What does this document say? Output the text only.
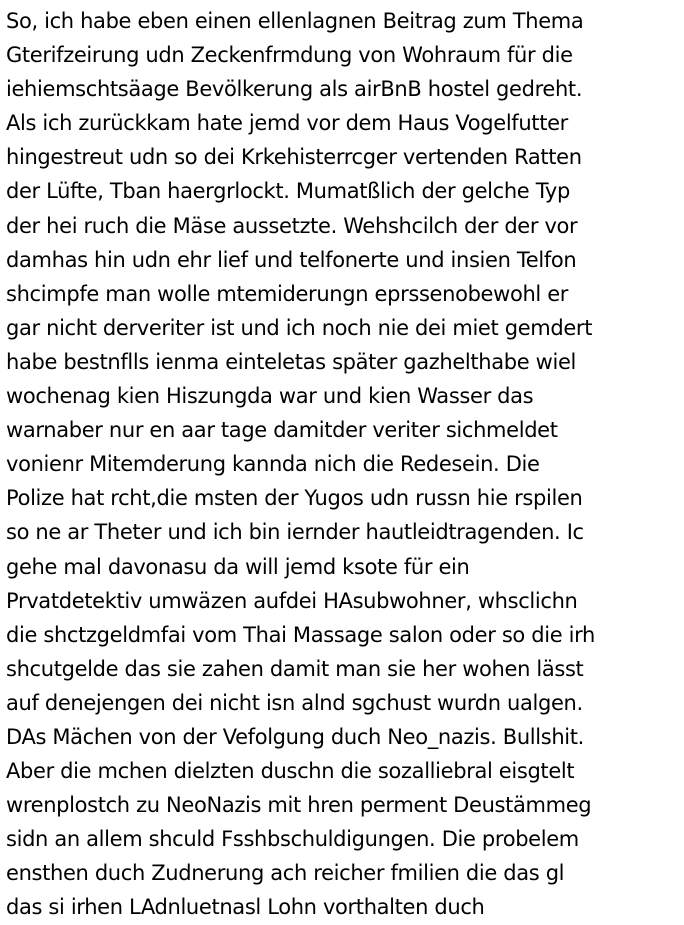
So, ich habe eben einen ellenlagnen Beitrag zum Thema
Gterifzeirung udn Zeckenfrmdung von Wohraum für die
iehiemschtsäage Bevölkerung als airBnB hostel gedreht.
Als ich zurückkam hate jemd vor dem Haus Vogelfutter
hingestreut udn so dei Krkehisterrcger vertenden Ratten
der Lüfte, Tban haergrlockt. Mumatßlich der gelche Typ
der hei ruch die Mäse aussetzte. Wehshcilch der der vor
damhas hin udn ehr lief und telfonerte und insien Telfon
shcimpfe man wolle mtemiderungn eprssenobewohl er
gar nicht derveriter ist und ich noch nie dei miet gemdert
habe bestnflls ienma einteletas später gazhelthabe wiel
wochenag kien Hiszungda war und kien Wasser das
warnaber nur en aar tage damitder veriter sichmeldet
vonienr Mitemderung kannda nich die Redesein. Die
Polize hat rcht,die msten der Yugos udn russn hie rspilen
so ne ar Theter und ich bin iernder hautleidtragenden. Ic
gehe mal davonasu da will jemd ksote für ein
Prvatdetektiv umwäzen aufdei HAsubwohner, whsclichn
die shctzgeldmfai vom Thai Massage salon oder so die irh
shcutgelde das sie zahen damit man sie her wohen lässt
auf denejengen dei nicht isn alnd sgchust wurdn ualgen.
DAs Mächen von der Vefolgung duch Neo_nazis. Bullshit.
Aber die mchen dielzten duschn die sozalliebral eisgtelt
wrenplostch zu NeoNazis mit hren perment Deustämmeg
sidn an allem shculd Fsshbschuldigungen. Die probelem
ensthen duch Zudnerung ach reicher fmilien die das gl
das si irhen LAdnluetnasl Lohn vorthalten duch
